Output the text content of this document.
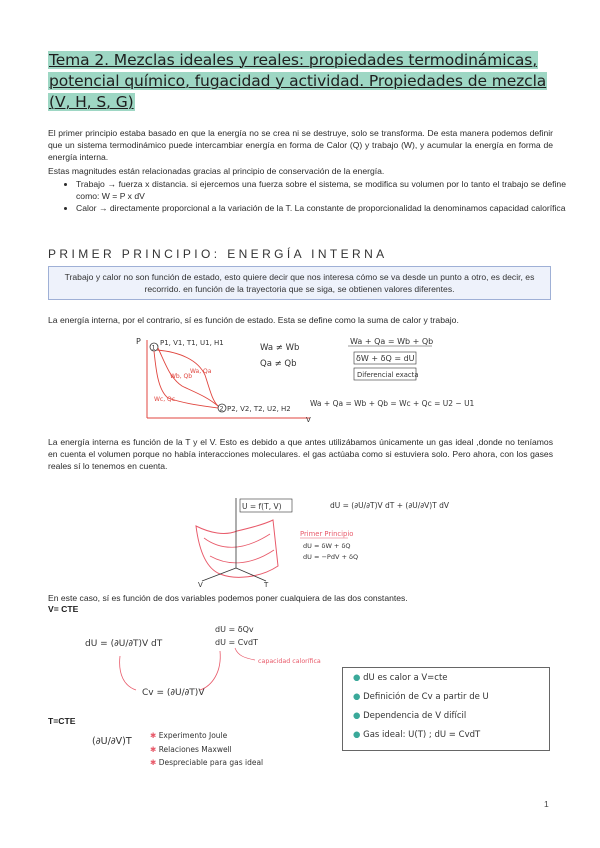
Tema 2. Mezclas ideales y reales: propiedades termodinámicas, potencial químico, fugacidad y actividad. Propiedades de mezcla (V, H, S, G)
El primer principio estaba basado en que la energía no se crea ni se destruye, solo se transforma. De esta manera podemos definir que un sistema termodinámico puede intercambiar energía en forma de Calor (Q) y trabajo (W), y acumular la energía en forma de energía interna.
Estas magnitudes están relacionadas gracias al principio de conservación de la energía.
• Trabajo → fuerza x distancia. si ejercemos una fuerza sobre el sistema, se modifica su volumen por lo tanto el trabajo se define como: W = P x dV
• Calor → directamente proporcional a la variación de la T. La constante de proporcionalidad la denominamos capacidad calorífica
PRIMER PRINCIPIO: ENERGÍA INTERNA
Trabajo y calor no son función de estado, esto quiere decir que nos interesa cómo se va desde un punto a otro, es decir, es recorrido. en función de la trayectoria que se siga, se obtienen valores diferentes.
La energía interna, por el contrario, sí es función de estado. Esta se define como la suma de calor y trabajo.
P
V
1
P1, V1, T1, U1, H1
2 P2, V2, T2, U2, H2
Wa, Qa
Wb, Qb
Wc, Qc
Wa ≠ Wb
Qa ≠ Qb
Wa + Qa = Wb + Qb
δW + δQ = dU
Diferencial exacta
Wa + Qa = Wb + Qb = Wc + Qc = U2 − U1
La energía interna es función de la T y el V. Esto es debido a que antes utilizábamos únicamente un gas ideal ,donde no teníamos en cuenta el volumen porque no había interacciones moleculares. el gas actúaba como si estuviera solo. Pero ahora, con los gases reales sí lo tenemos en cuenta.
U = f(T, V)	dU = (∂U/∂T)V dT + (∂U/∂V)T dV
V	T
Primer Principio
dU = δW + δQ
dU = −PdV + δQ
En este caso, sí es función de dos variables podemos poner cualquiera de las dos constantes.
V= CTE
dU = (∂U/∂T)V dT
dU = δQv
dU = CvdT
capacidad calorífica
Cv = (∂U/∂T)V
● dU es calor a V=cte
● Definición de Cv a partir de U
● Dependencia de V difícil
● Gas ideal: U(T) ; dU = CvdT
T=CTE
(∂U/∂V)T
✱ Experimento Joule
✱ Relaciones Maxwell
✱ Despreciable para gas ideal
1
